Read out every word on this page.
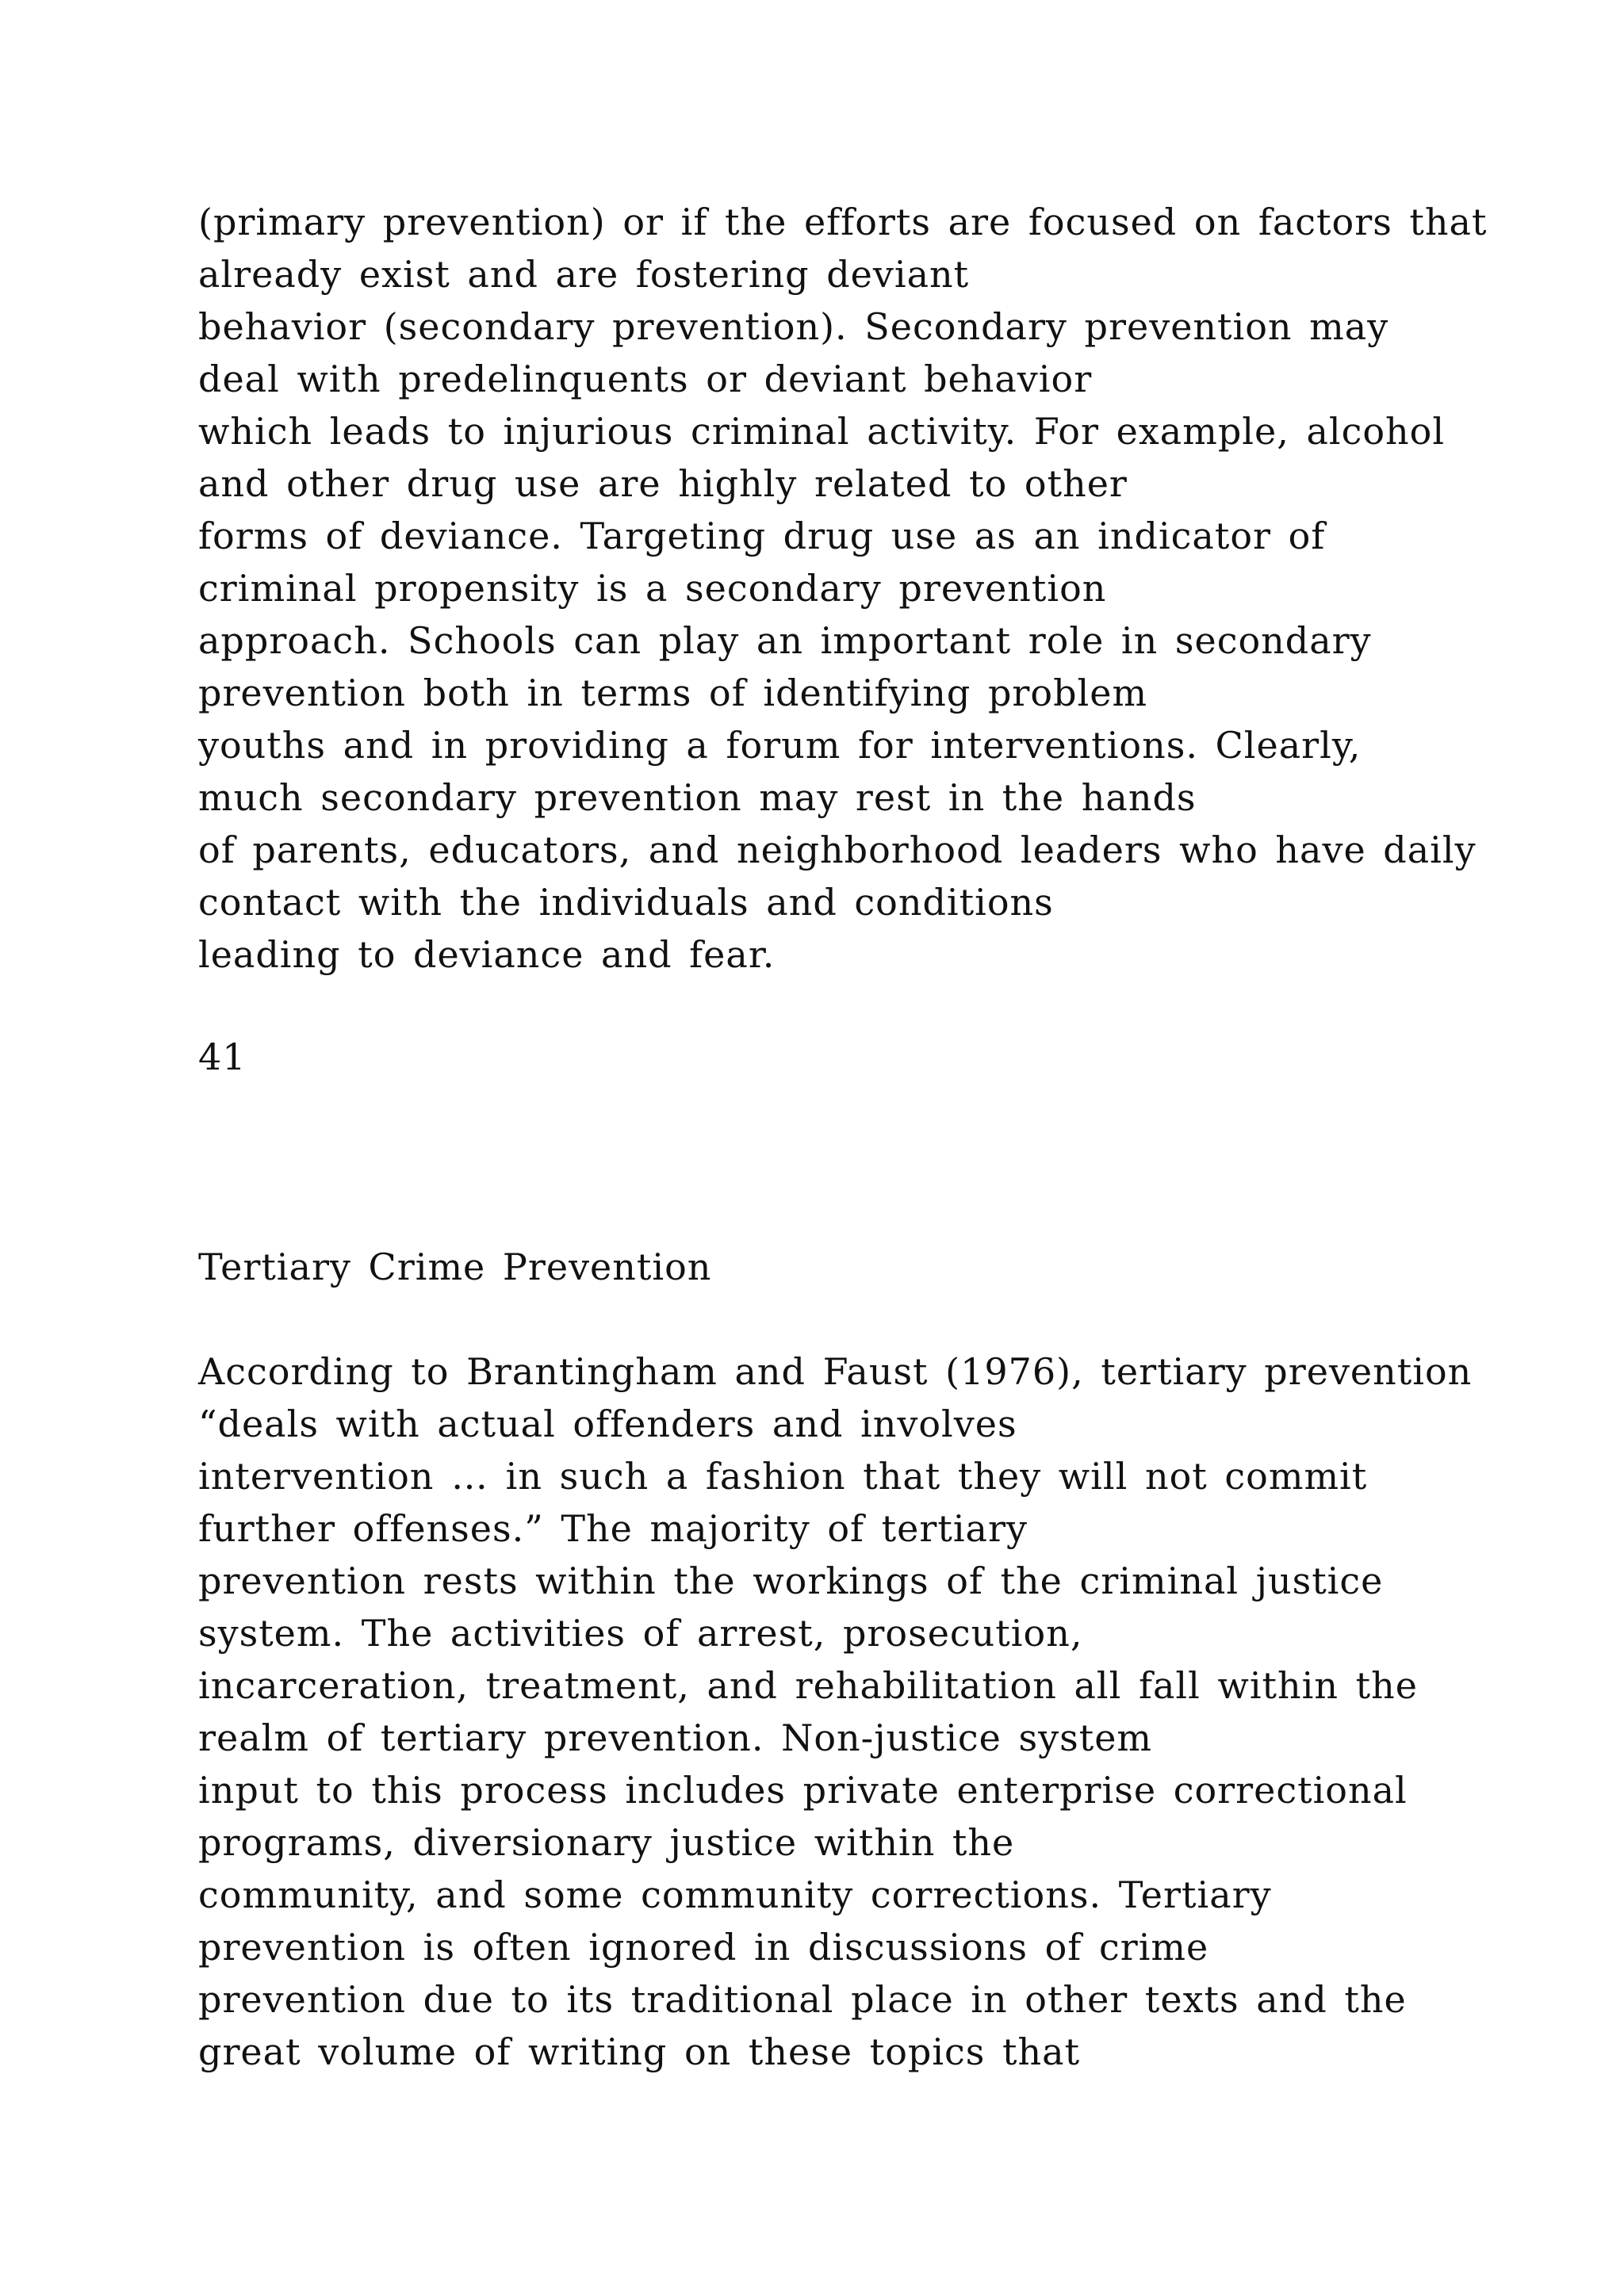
(primary prevention) or if the efforts are focused on factors that
already exist and are fostering deviant
behavior (secondary prevention). Secondary prevention may
deal with predelinquents or deviant behavior
which leads to injurious criminal activity. For example, alcohol
and other drug use are highly related to other
forms of deviance. Targeting drug use as an indicator of
criminal propensity is a secondary prevention
approach. Schools can play an important role in secondary
prevention both in terms of identifying problem
youths and in providing a forum for interventions. Clearly,
much secondary prevention may rest in the hands
of parents, educators, and neighborhood leaders who have daily
contact with the individuals and conditions
leading to deviance and fear.
41
Tertiary Crime Prevention
According to Brantingham and Faust (1976), tertiary prevention
“deals with actual offenders and involves
intervention … in such a fashion that they will not commit
further offenses.” The majority of tertiary
prevention rests within the workings of the criminal justice
system. The activities of arrest, prosecution,
incarceration, treatment, and rehabilitation all fall within the
realm of tertiary prevention. Non-justice system
input to this process includes private enterprise correctional
programs, diversionary justice within the
community, and some community corrections. Tertiary
prevention is often ignored in discussions of crime
prevention due to its traditional place in other texts and the
great volume of writing on these topics that
